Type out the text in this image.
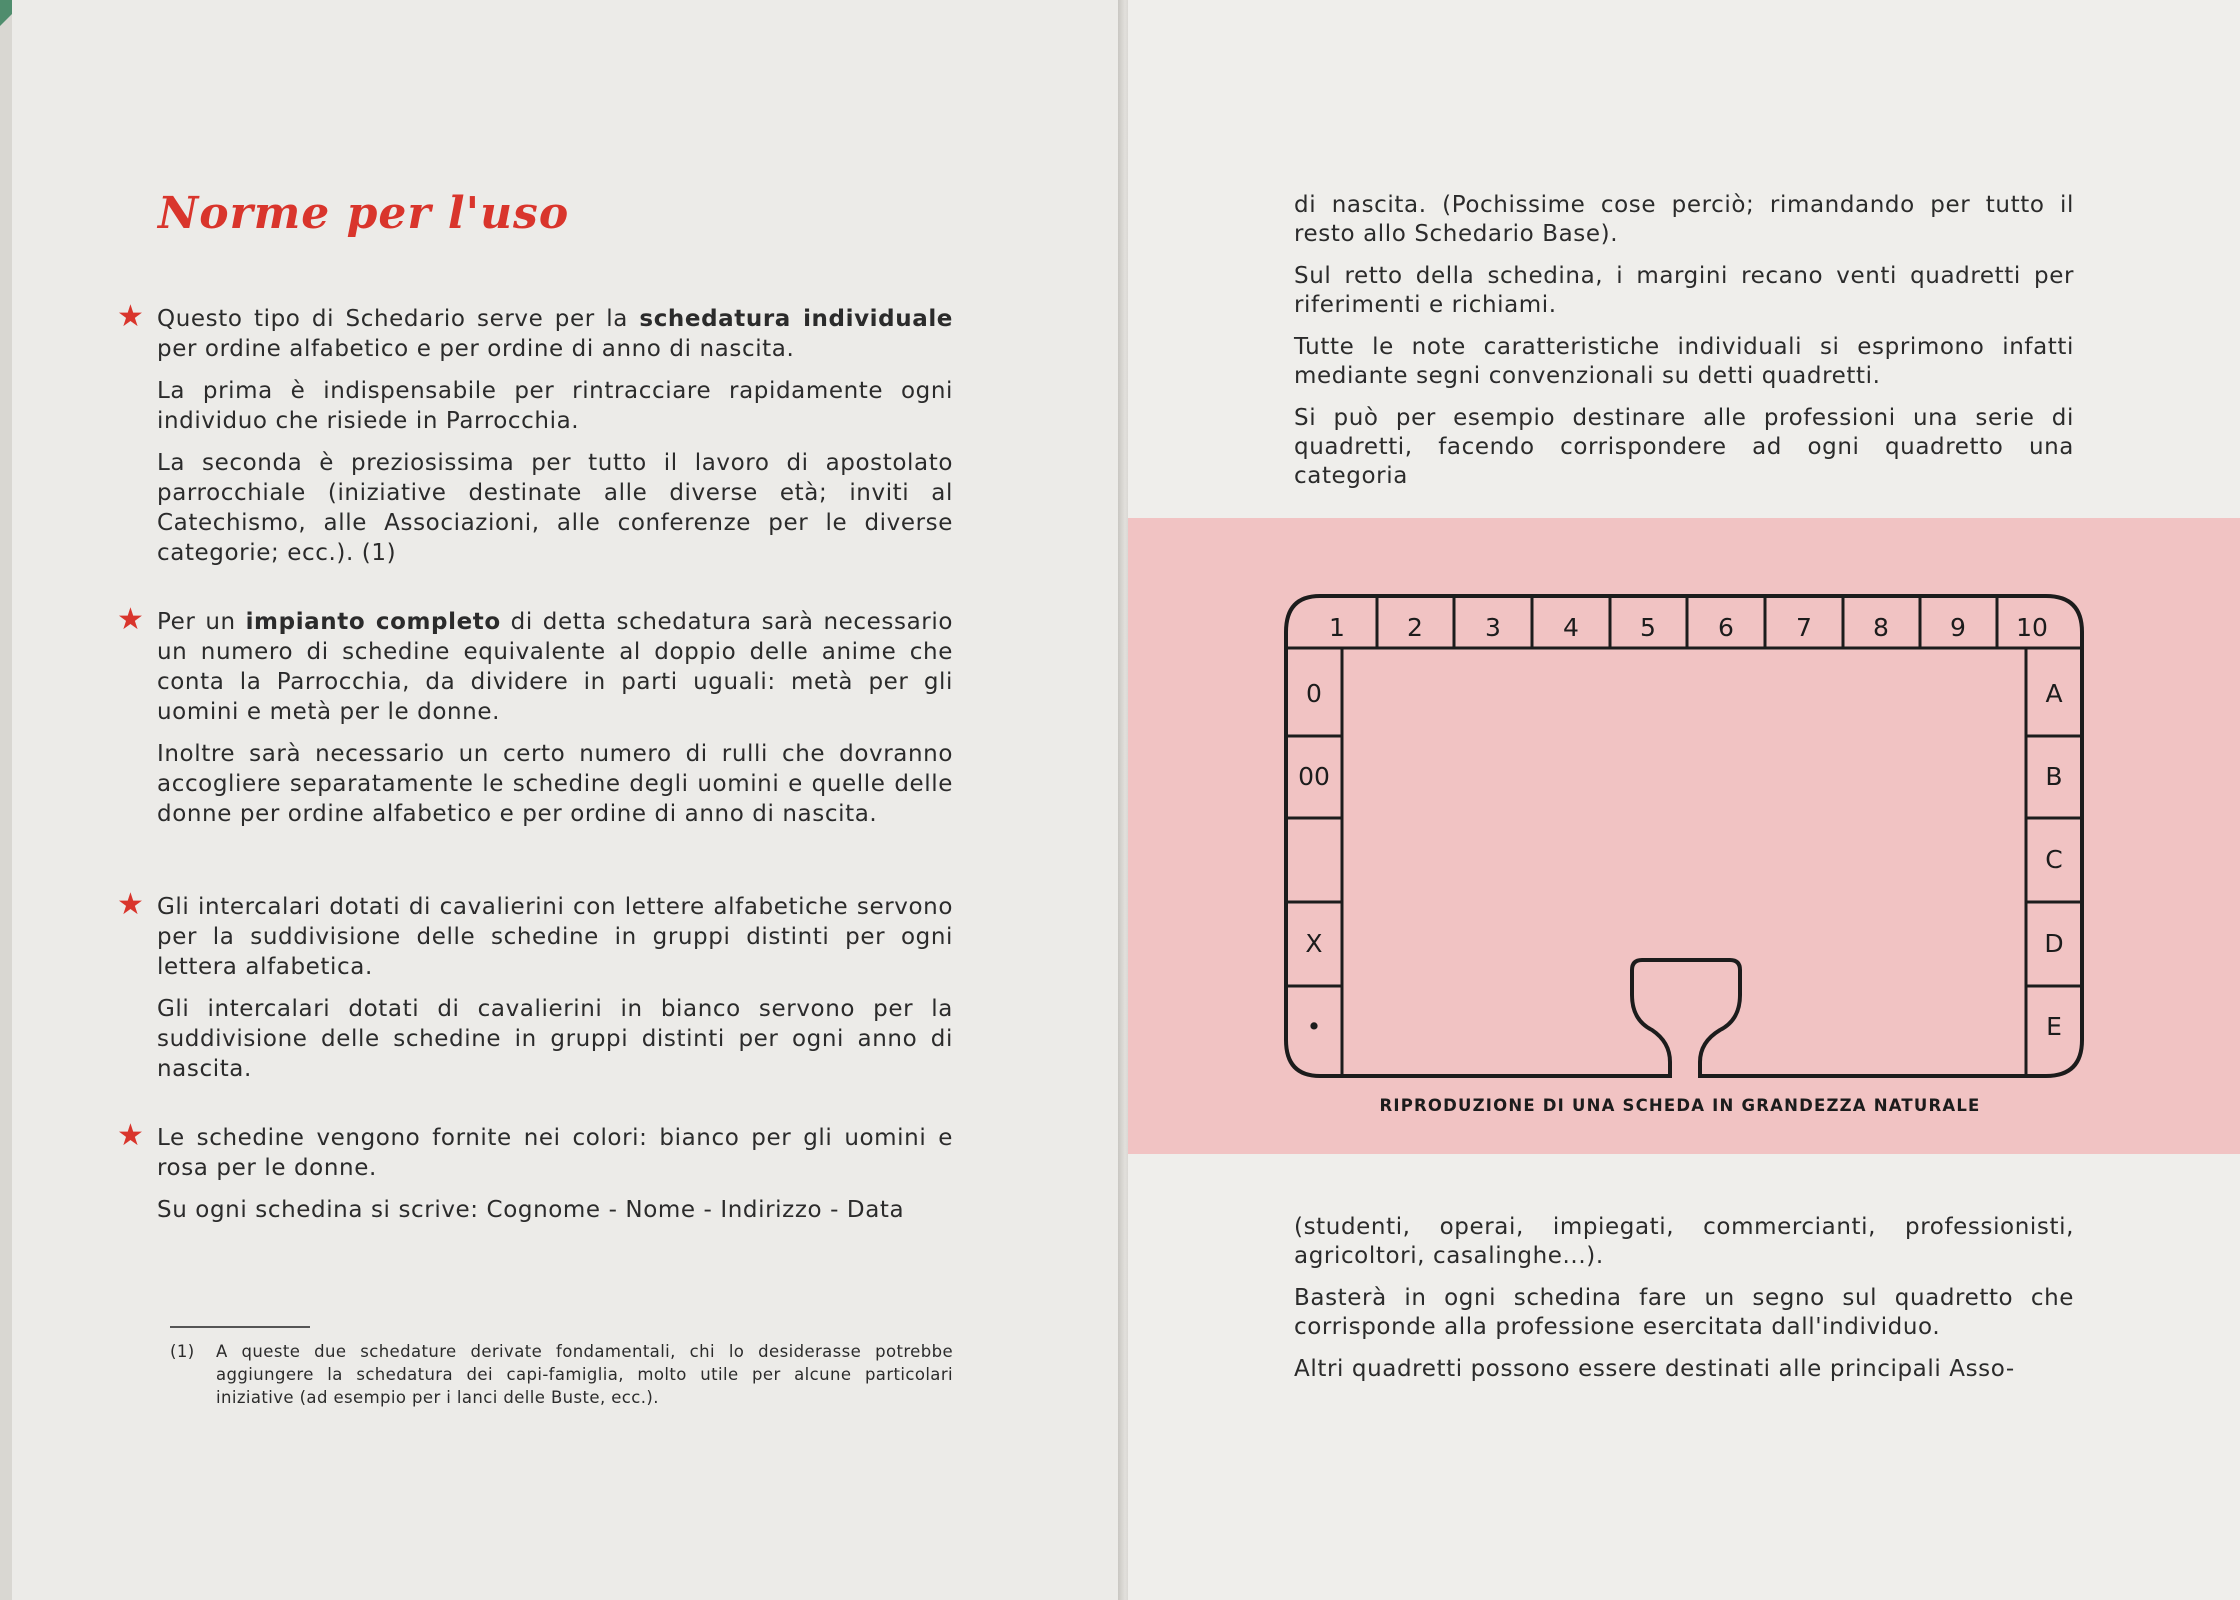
Norme per l'uso
★ Questo tipo di Schedario serve per la schedatura individuale per ordine alfabetico e per ordine di anno di nascita.

La prima è indispensabile per rintracciare rapidamente ogni individuo che risiede in Parrocchia.

La seconda è preziosissima per tutto il lavoro di apostolato parrocchiale (iniziative destinate alle diverse età; inviti al Catechismo, alle Associazioni, alle conferenze per le diverse categorie; ecc.). (1)

★ Per un impianto completo di detta schedatura sarà necessario un numero di schedine equivalente al doppio delle anime che conta la Parrocchia, da dividere in parti uguali: metà per gli uomini e metà per le donne.

Inoltre sarà necessario un certo numero di rulli che dovranno accogliere separatamente le schedine degli uomini e quelle delle donne per ordine alfabetico e per ordine di anno di nascita.

★ Gli intercalari dotati di cavalierini con lettere alfabetiche servono per la suddivisione delle schedine in gruppi distinti per ogni lettera alfabetica.

Gli intercalari dotati di cavalierini in bianco servono per la suddivisione delle schedine in gruppi distinti per ogni anno di nascita.

★ Le schedine vengono fornite nei colori: bianco per gli uomini e rosa per le donne.

Su ogni schedina si scrive: Cognome - Nome - Indirizzo - Data

(1) A queste due schedature derivate fondamentali, chi lo desiderasse potrebbe aggiungere la schedatura dei capi-famiglia, molto utile per alcune particolari iniziative (ad esempio per i lanci delle Buste, ecc.).

di nascita. (Pochissime cose perciò; rimandando per tutto il resto allo Schedario Base).

Sul retto della schedina, i margini recano venti quadretti per riferimenti e richiami.

Tutte le note caratteristiche individuali si esprimono infatti mediante segni convenzionali su detti quadretti.

Si può per esempio destinare alle professioni una serie di quadretti, facendo corrispondere ad ogni quadretto una categoria

1 2 3 4 5 6 7 8 9 10
0
00
X
•
A
B
C
D
E

RIPRODUZIONE DI UNA SCHEDA IN GRANDEZZA NATURALE

(studenti, operai, impiegati, commercianti, professionisti, agricoltori, casalinghe...).

Basterà in ogni schedina fare un segno sul quadretto che corrisponde alla professione esercitata dall'individuo.

Altri quadretti possono essere destinati alle principali Asso-
